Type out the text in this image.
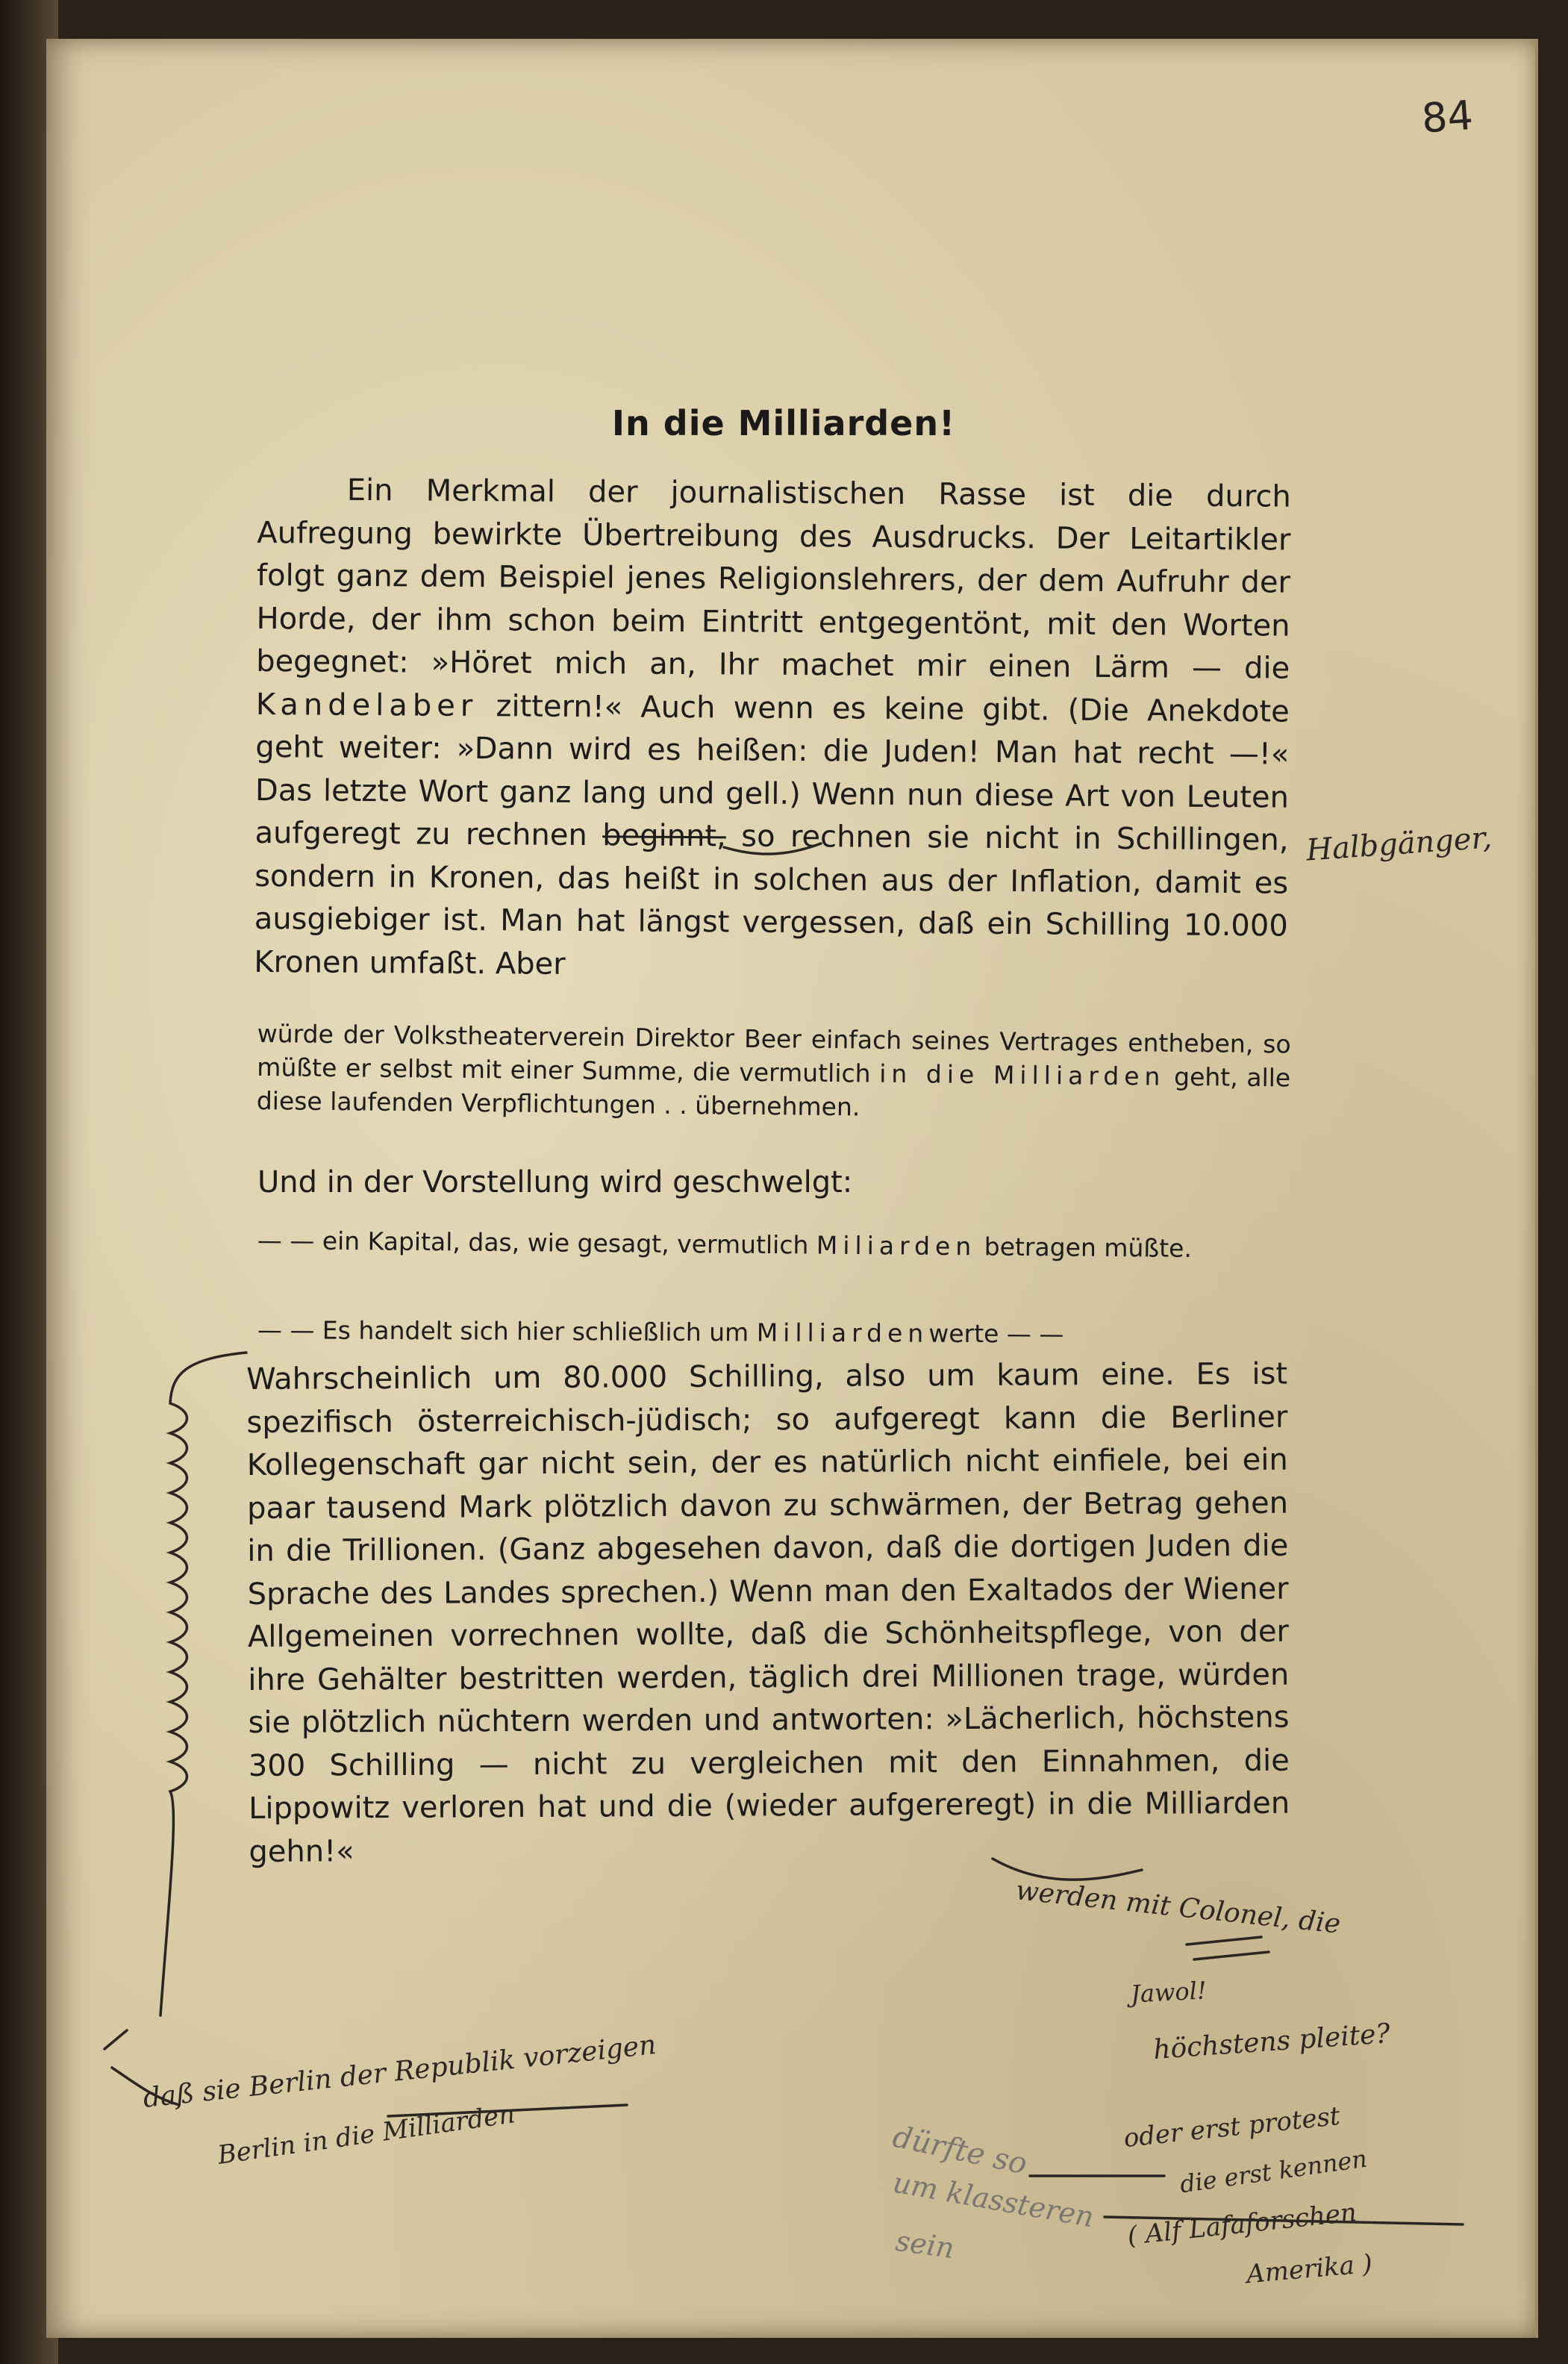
84
In die Milliarden!

Ein Merkmal der journalistischen Rasse ist die durch Aufregung bewirkte Übertreibung des Ausdrucks. Der Leitartikler folgt ganz dem Beispiel jenes Religionslehrers, der dem Aufruhr der Horde, der ihm schon beim Eintritt entgegentönt, mit den Worten begegnet: »Höret mich an, Ihr machet mir einen Lärm — die Kandelaber zittern!« Auch wenn es keine gibt. (Die Anekdote geht weiter: »Dann wird es heißen: die Juden! Man hat recht —!« Das letzte Wort ganz lang und gell.) Wenn nun diese Art von Leuten aufgeregt zu rechnen beginnt, so rechnen sie nicht in Schillingen, sondern in Kronen, das heißt in solchen aus der Inflation, damit es ausgiebiger ist. Man hat längst vergessen, daß ein Schilling 10.000 Kronen umfaßt. Aber

würde der Volkstheaterverein Direktor Beer einfach seines Vertrages entheben, so müßte er selbst mit einer Summe, die vermutlich in die Milliarden geht, alle diese laufenden Verpflichtungen . . übernehmen.

Und in der Vorstellung wird geschwelgt:

— — ein Kapital, das, wie gesagt, vermutlich Miliarden betragen müßte.

— — Es handelt sich hier schließlich um Milliardenwerte — —

Wahrscheinlich um 80.000 Schilling, also um kaum eine. Es ist spezifisch österreichisch-jüdisch; so aufgeregt kann die Berliner Kollegenschaft gar nicht sein, der es natürlich nicht einfiele, bei ein paar tausend Mark plötzlich davon zu schwärmen, der Betrag gehen in die Trillionen. (Ganz abgesehen davon, daß die dortigen Juden die Sprache des Landes sprechen.) Wenn man den Exaltados der Wiener Allgemeinen vorrechnen wollte, daß die Schönheitspflege, von der ihre Gehälter bestritten werden, täglich drei Millionen trage, würden sie plötzlich nüchtern werden und antworten: »Lächerlich, höchstens 300 Schilling — nicht zu vergleichen mit den Einnahmen, die Lippowitz verloren hat und die (wieder aufgereregt) in die Milliarden gehn!«

Halbgänger,
werden mit Colonel, die
Jawol!
höchstens pleite?
oder erst protest
dürfte so
um klassteren
sein
die erst kennen
( Alf Lafaforschen
Amerika )
daß sie Berlin der Republik vorzeigen
Berlin in die Milliarden
